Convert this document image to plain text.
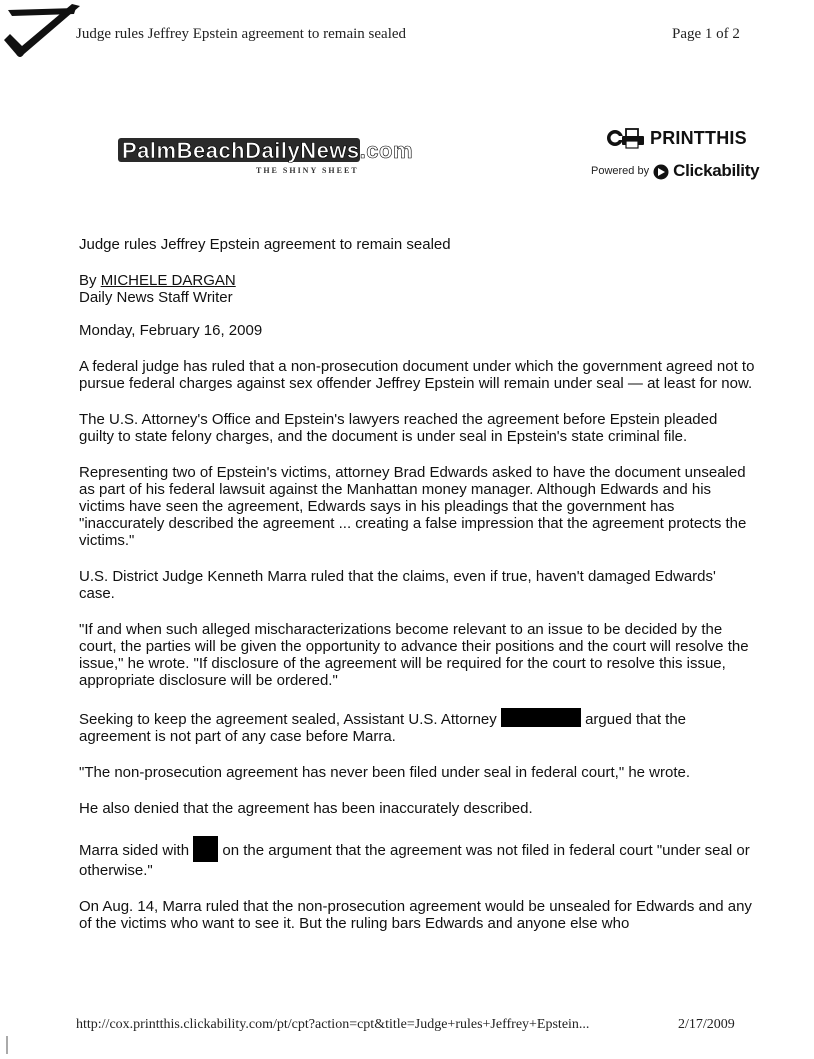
Judge rules Jeffrey Epstein agreement to remain sealed	Page 1 of 2
PalmBeachDailyNews.com
THE SHINY SHEET
PRINTTHIS
Powered by Clickability

Judge rules Jeffrey Epstein agreement to remain sealed

By MICHELE DARGAN
Daily News Staff Writer

Monday, February 16, 2009

A federal judge has ruled that a non-prosecution document under which the government agreed not to pursue federal charges against sex offender Jeffrey Epstein will remain under seal — at least for now.

The U.S. Attorney's Office and Epstein's lawyers reached the agreement before Epstein pleaded guilty to state felony charges, and the document is under seal in Epstein's state criminal file.

Representing two of Epstein's victims, attorney Brad Edwards asked to have the document unsealed as part of his federal lawsuit against the Manhattan money manager. Although Edwards and his victims have seen the agreement, Edwards says in his pleadings that the government has "inaccurately described the agreement ... creating a false impression that the agreement protects the victims."

U.S. District Judge Kenneth Marra ruled that the claims, even if true, haven't damaged Edwards' case.

"If and when such alleged mischaracterizations become relevant to an issue to be decided by the court, the parties will be given the opportunity to advance their positions and the court will resolve the issue," he wrote. "If disclosure of the agreement will be required for the court to resolve this issue, appropriate disclosure will be ordered."

Seeking to keep the agreement sealed, Assistant U.S. Attorney	argued that the agreement is not part of any case before Marra.

"The non-prosecution agreement has never been filed under seal in federal court," he wrote.

He also denied that the agreement has been inaccurately described.

Marra sided with  on the argument that the agreement was not filed in federal court "under seal or otherwise."

On Aug. 14, Marra ruled that the non-prosecution agreement would be unsealed for Edwards and any of the victims who want to see it. But the ruling bars Edwards and anyone else who

http://cox.printthis.clickability.com/pt/cpt?action=cpt&title=Judge+rules+Jeffrey+Epstein...	2/17/2009
